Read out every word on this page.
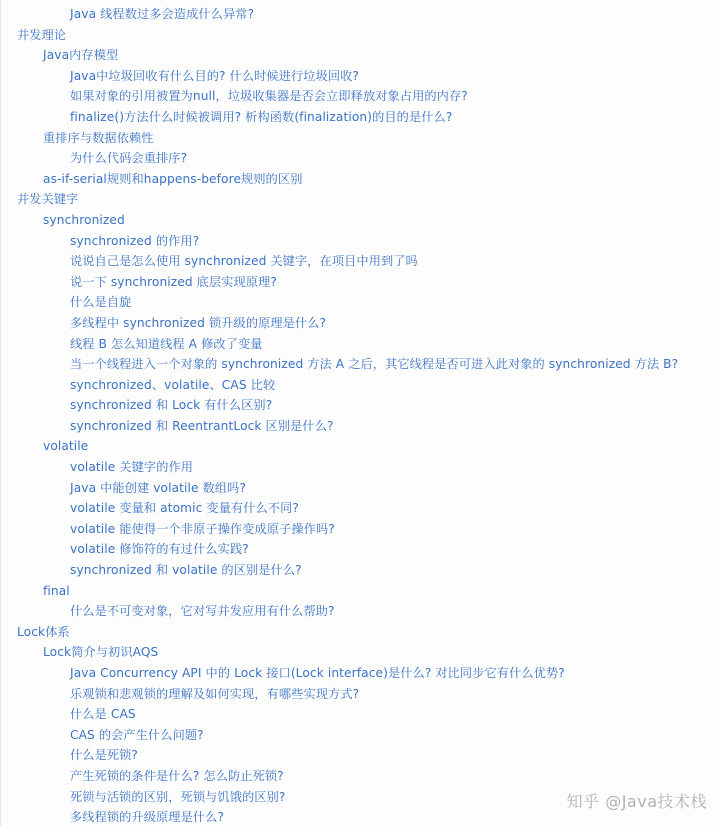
Java 线程数过多会造成什么异常?
并发理论
Java内存模型
Java中垃圾回收有什么目的? 什么时候进行垃圾回收?
如果对象的引用被置为null，垃圾收集器是否会立即释放对象占用的内存?
finalize()方法什么时候被调用? 析构函数(finalization)的目的是什么?
重排序与数据依赖性
为什么代码会重排序?
as-if-serial规则和happens-before规则的区别
并发关键字
synchronized
synchronized 的作用?
说说自己是怎么使用 synchronized 关键字，在项目中用到了吗
说一下 synchronized 底层实现原理?
什么是自旋
多线程中 synchronized 锁升级的原理是什么?
线程 B 怎么知道线程 A 修改了变量
当一个线程进入一个对象的 synchronized 方法 A 之后，其它线程是否可进入此对象的 synchronized 方法 B?
synchronized、volatile、CAS 比较
synchronized 和 Lock 有什么区别?
synchronized 和 ReentrantLock 区别是什么?
volatile
volatile 关键字的作用
Java 中能创建 volatile 数组吗?
volatile 变量和 atomic 变量有什么不同?
volatile 能使得一个非原子操作变成原子操作吗?
volatile 修饰符的有过什么实践?
synchronized 和 volatile 的区别是什么?
final
什么是不可变对象，它对写并发应用有什么帮助?
Lock体系
Lock简介与初识AQS
Java Concurrency API 中的 Lock 接口(Lock interface)是什么? 对比同步它有什么优势?
乐观锁和悲观锁的理解及如何实现，有哪些实现方式?
什么是 CAS
CAS 的会产生什么问题?
什么是死锁?
产生死锁的条件是什么? 怎么防止死锁?
死锁与活锁的区别，死锁与饥饿的区别?
多线程锁的升级原理是什么?
知乎 @Java技术栈
